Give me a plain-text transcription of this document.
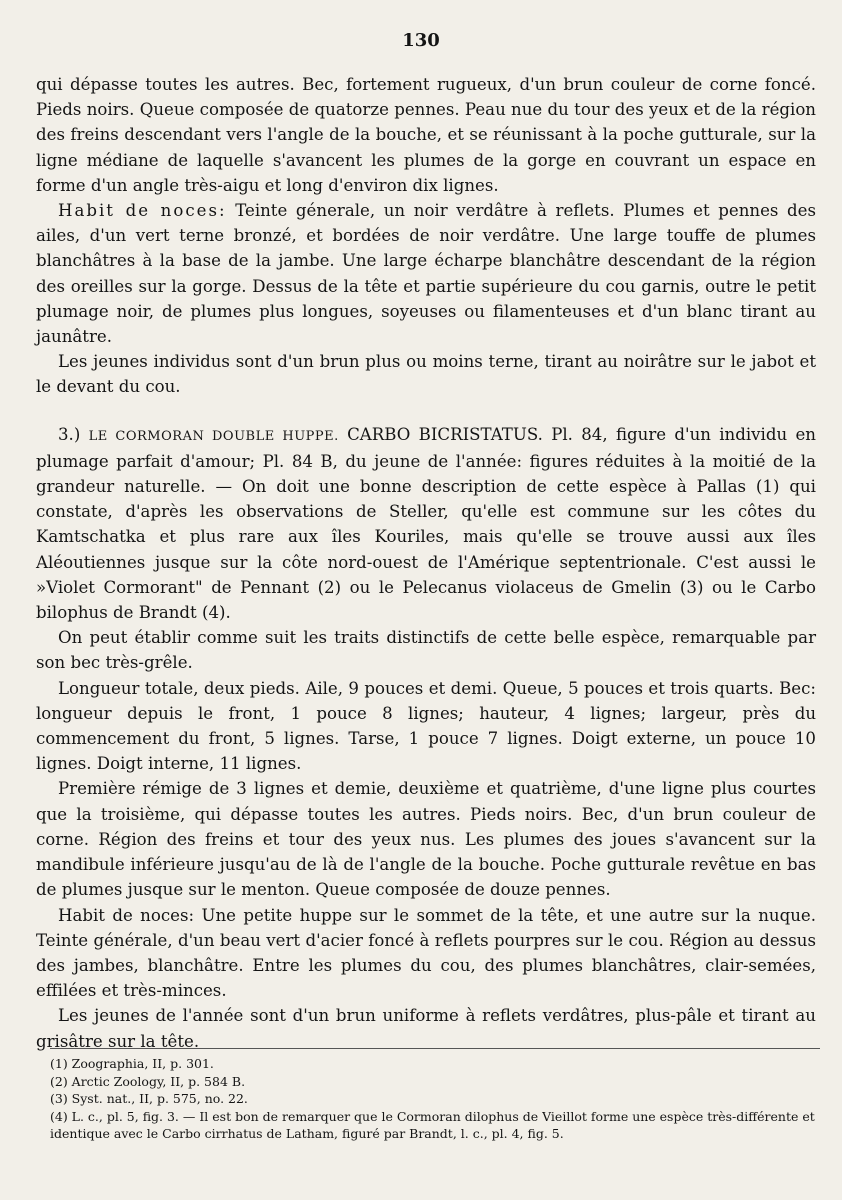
130

qui dépasse toutes les autres. Bec, fortement rugueux, d'un brun couleur de corne foncé. Pieds noirs. Queue composée de quatorze pennes. Peau nue du tour des yeux et de la région des freins descendant vers l'angle de la bouche, et se réunissant à la poche gutturale, sur la ligne médiane de laquelle s'avancent les plumes de la gorge en couvrant un espace en forme d'un angle très-aigu et long d'environ dix lignes.

Habit de noces: Teinte génerale, un noir verdâtre à reflets. Plumes et pennes des ailes, d'un vert terne bronzé, et bordées de noir verdâtre. Une large touffe de plumes blanchâtres à la base de la jambe. Une large écharpe blanchâtre descendant de la région des oreilles sur la gorge. Dessus de la tête et partie supérieure du cou garnis, outre le petit plumage noir, de plumes plus longues, soyeuses ou filamenteuses et d'un blanc tirant au jaunâtre.

Les jeunes individus sont d'un brun plus ou moins terne, tirant au noirâtre sur le jabot et le devant du cou.

3.) LE CORMORAN DOUBLE HUPPE. CARBO BICRISTATUS. Pl. 84, figure d'un individu en plumage parfait d'amour; Pl. 84 B, du jeune de l'année: figures réduites à la moitié de la grandeur naturelle. — On doit une bonne description de cette espèce à Pallas (1) qui constate, d'après les observations de Steller, qu'elle est commune sur les côtes du Kamtschatka et plus rare aux îles Kouriles, mais qu'elle se trouve aussi aux îles Aléoutiennes jusque sur la côte nord-ouest de l'Amérique septentrionale. C'est aussi le »Violet Cormorant" de Pennant (2) ou le Pelecanus violaceus de Gmelin (3) ou le Carbo bilophus de Brandt (4).

On peut établir comme suit les traits distinctifs de cette belle espèce, remarquable par son bec très-grêle.

Longueur totale, deux pieds. Aile, 9 pouces et demi. Queue, 5 pouces et trois quarts. Bec: longueur depuis le front, 1 pouce 8 lignes; hauteur, 4 lignes; largeur, près du commencement du front, 5 lignes. Tarse, 1 pouce 7 lignes. Doigt externe, un pouce 10 lignes. Doigt interne, 11 lignes.

Première rémige de 3 lignes et demie, deuxième et quatrième, d'une ligne plus courtes que la troisième, qui dépasse toutes les autres. Pieds noirs. Bec, d'un brun couleur de corne. Région des freins et tour des yeux nus. Les plumes des joues s'avancent sur la mandibule inférieure jusqu'au de là de l'angle de la bouche. Poche gutturale revêtue en bas de plumes jusque sur le menton. Queue composée de douze pennes.

Habit de noces: Une petite huppe sur le sommet de la tête, et une autre sur la nuque. Teinte générale, d'un beau vert d'acier foncé à reflets pourpres sur le cou. Région au dessus des jambes, blanchâtre. Entre les plumes du cou, des plumes blanchâtres, clair-semées, effilées et très-minces.

Les jeunes de l'année sont d'un brun uniforme à reflets verdâtres, plus-pâle et tirant au grisâtre sur la tête.

(1) Zoographia, II, p. 301.
(2) Arctic Zoology, II, p. 584 B.
(3) Syst. nat., II, p. 575, no. 22.
(4) L. c., pl. 5, fig. 3. — Il est bon de remarquer que le Cormoran dilophus de Vieillot forme une espèce très-différente et identique avec le Carbo cirrhatus de Latham, figuré par Brandt, l. c., pl. 4, fig. 5.
